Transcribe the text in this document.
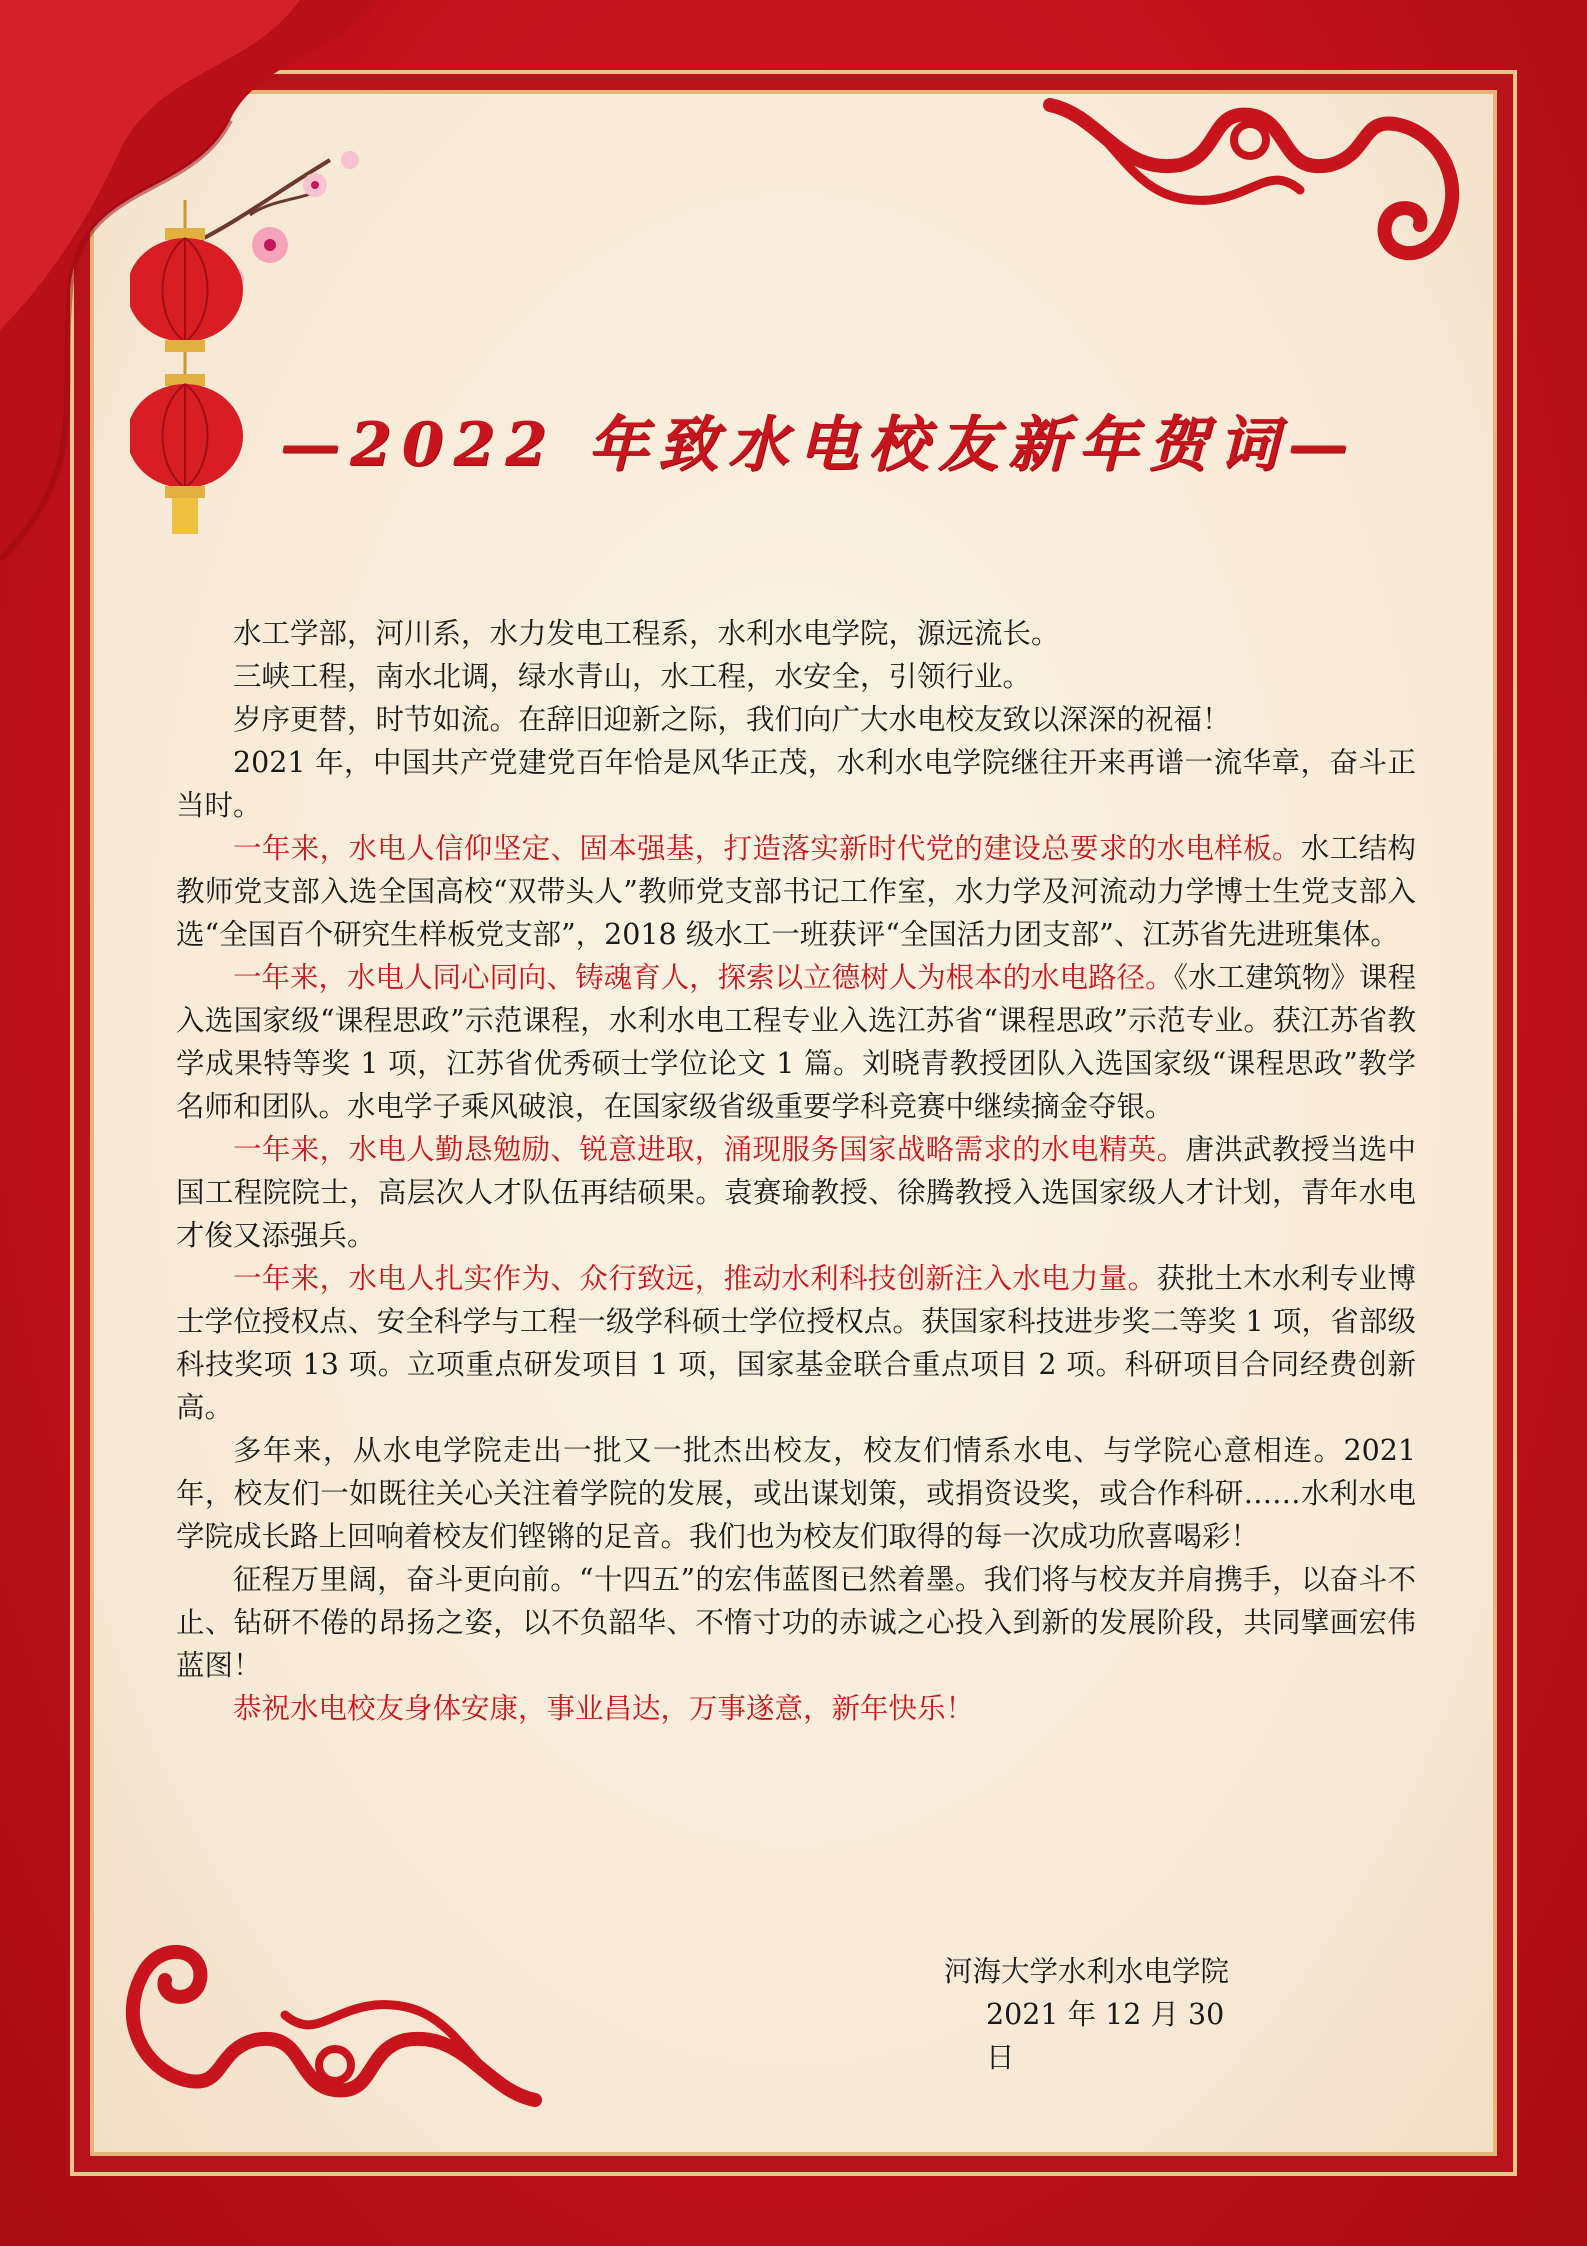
—2022 年致水电校友新年贺词—

水工学部，河川系，水力发电工程系，水利水电学院，源远流长。

三峡工程，南水北调，绿水青山，水工程，水安全，引领行业。

岁序更替，时节如流。在辞旧迎新之际，我们向广大水电校友致以深深的祝福！

2021 年，中国共产党建党百年恰是风华正茂，水利水电学院继往开来再谱一流华章，奋斗正当时。

一年来，水电人信仰坚定、固本强基，打造落实新时代党的建设总要求的水电样板。水工结构教师党支部入选全国高校“双带头人”教师党支部书记工作室，水力学及河流动力学博士生党支部入选“全国百个研究生样板党支部”，2018 级水工一班获评“全国活力团支部”、江苏省先进班集体。

一年来，水电人同心同向、铸魂育人，探索以立德树人为根本的水电路径。《水工建筑物》课程入选国家级“课程思政”示范课程，水利水电工程专业入选江苏省“课程思政”示范专业。获江苏省教学成果特等奖 1 项，江苏省优秀硕士学位论文 1 篇。刘晓青教授团队入选国家级“课程思政”教学名师和团队。水电学子乘风破浪，在国家级省级重要学科竞赛中继续摘金夺银。

一年来，水电人勤恳勉励、锐意进取，涌现服务国家战略需求的水电精英。唐洪武教授当选中国工程院院士，高层次人才队伍再结硕果。袁赛瑜教授、徐腾教授入选国家级人才计划，青年水电才俊又添强兵。

一年来，水电人扎实作为、众行致远，推动水利科技创新注入水电力量。获批土木水利专业博士学位授权点、安全科学与工程一级学科硕士学位授权点。获国家科技进步奖二等奖 1 项，省部级科技奖项 13 项。立项重点研发项目 1 项，国家基金联合重点项目 2 项。科研项目合同经费创新高。

多年来，从水电学院走出一批又一批杰出校友，校友们情系水电、与学院心意相连。2021 年，校友们一如既往关心关注着学院的发展，或出谋划策，或捐资设奖，或合作科研……水利水电学院成长路上回响着校友们铿锵的足音。我们也为校友们取得的每一次成功欣喜喝彩！

征程万里阔，奋斗更向前。“十四五”的宏伟蓝图已然着墨。我们将与校友并肩携手，以奋斗不止、钻研不倦的昂扬之姿，以不负韶华、不惰寸功的赤诚之心投入到新的发展阶段，共同擘画宏伟蓝图！

恭祝水电校友身体安康，事业昌达，万事遂意，新年快乐！

河海大学水利水电学院
2021 年 12 月 30 日
